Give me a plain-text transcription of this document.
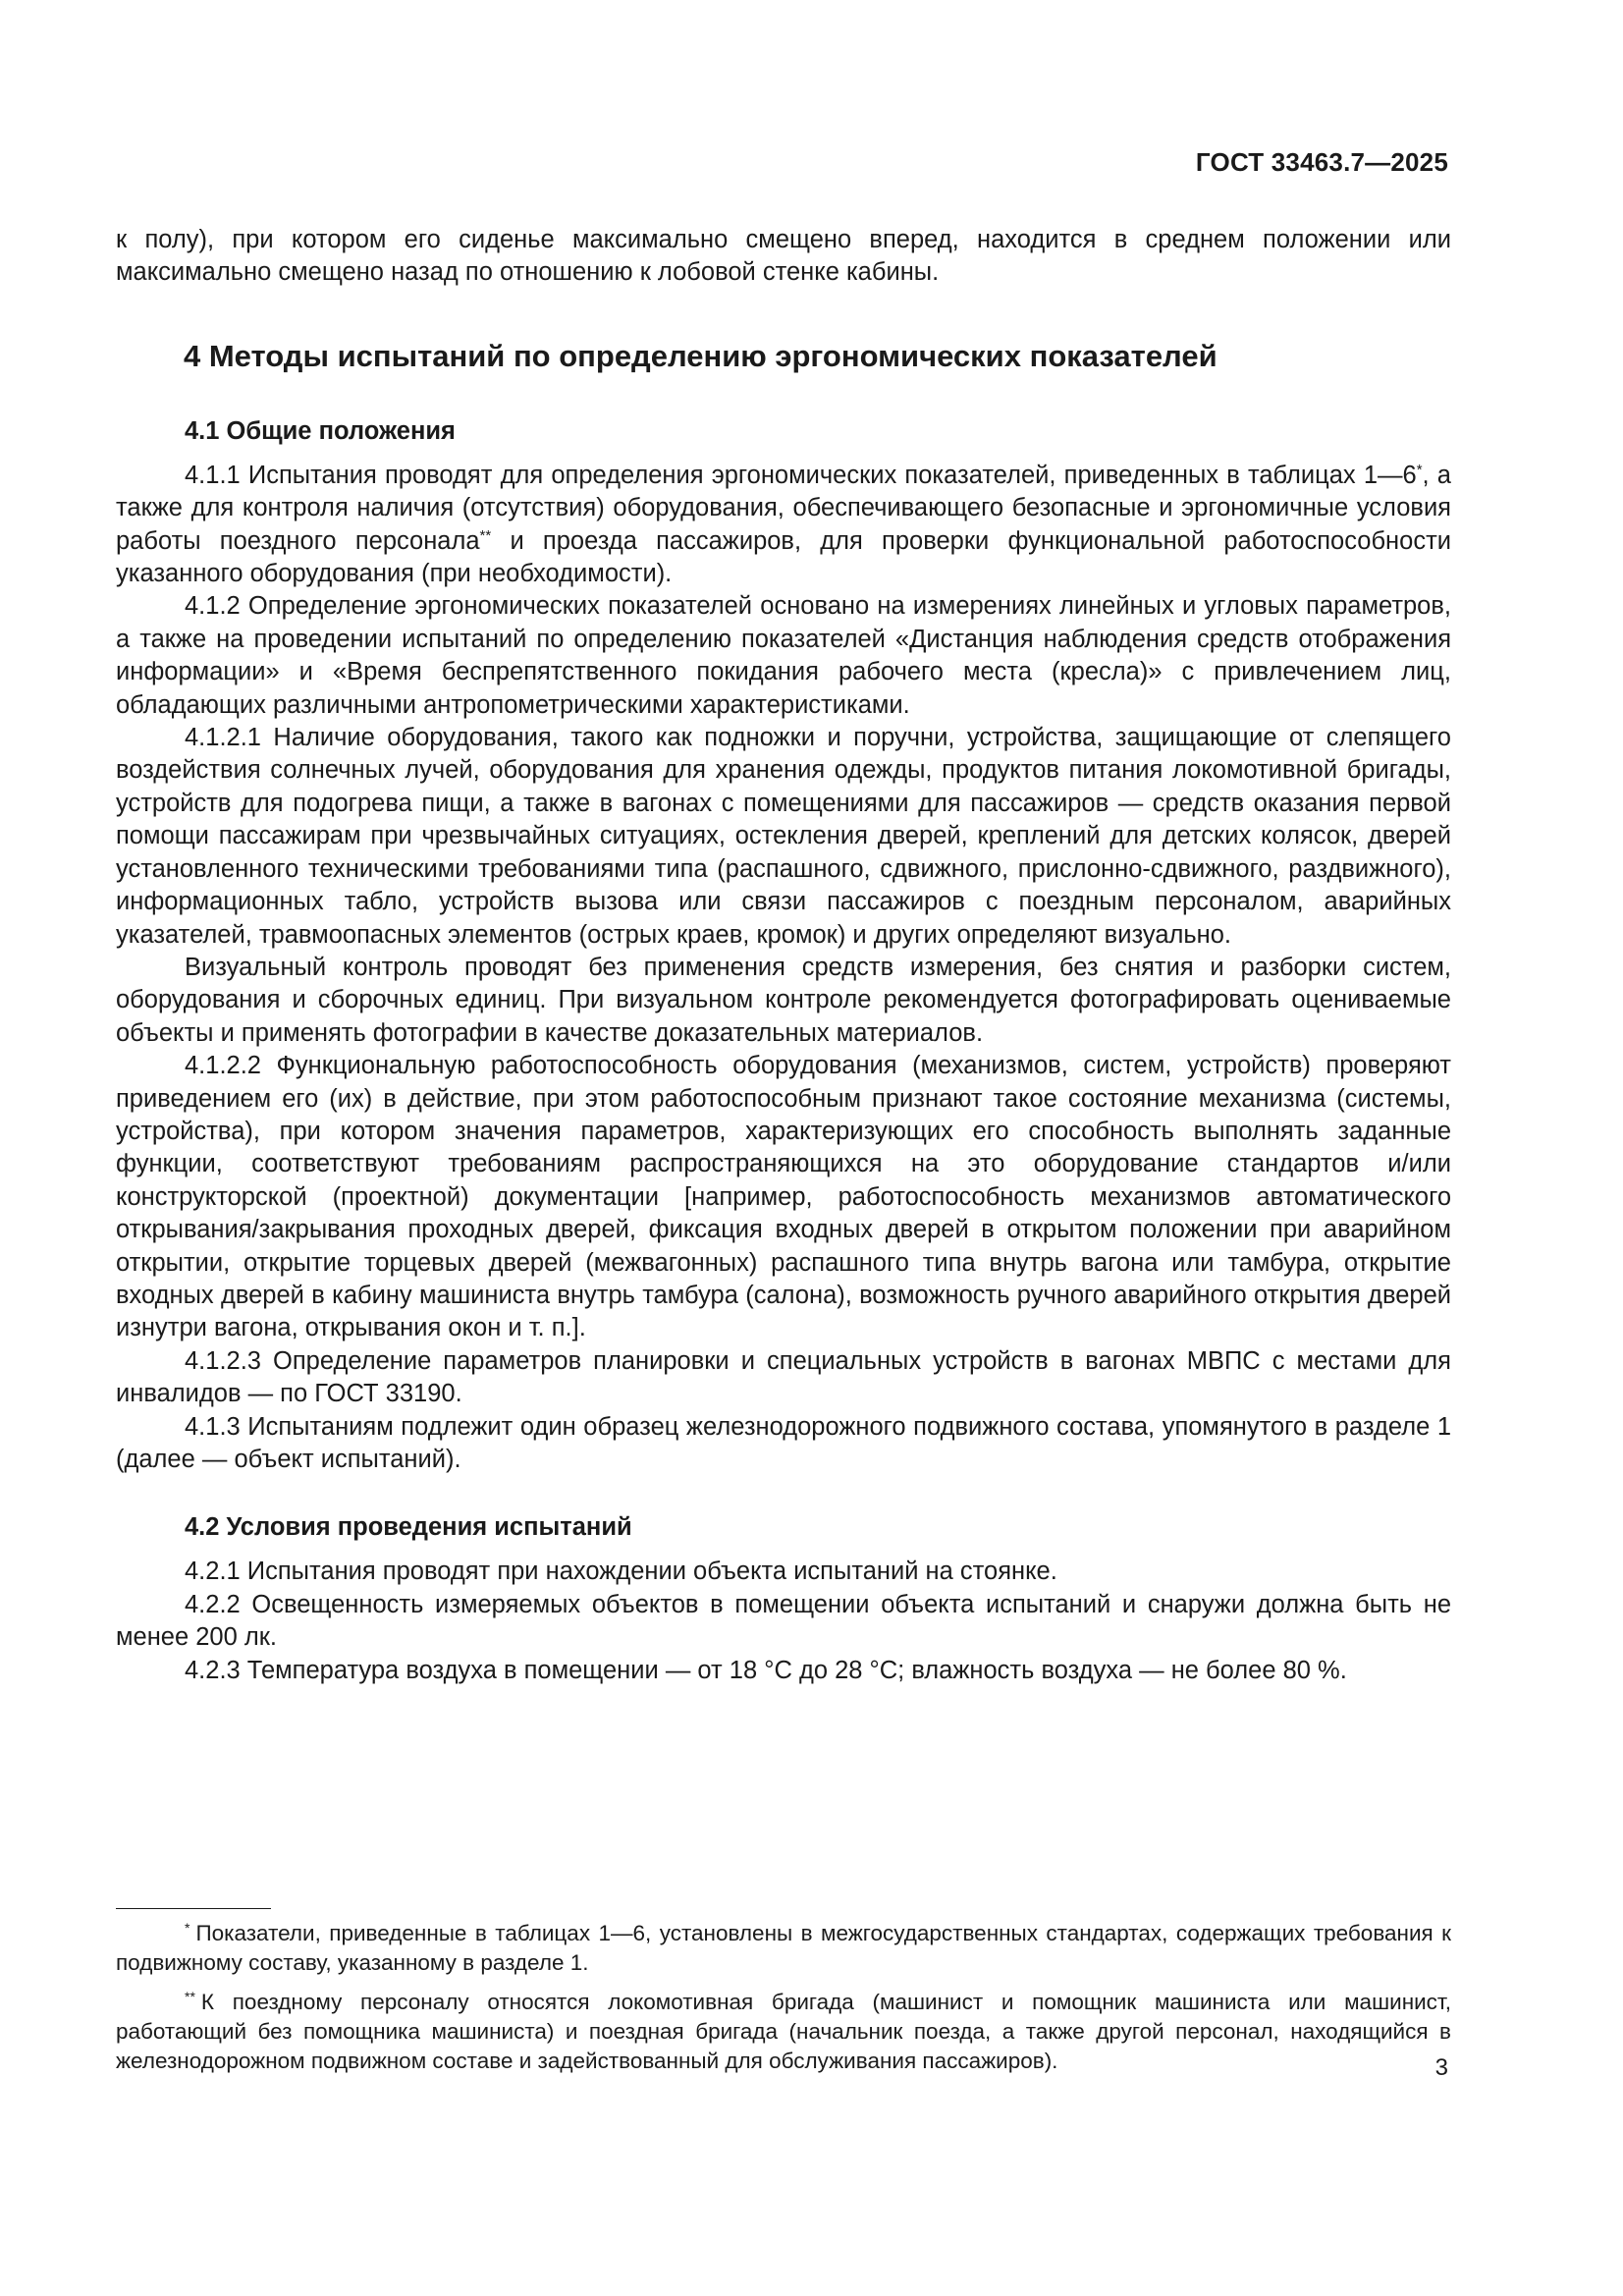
ГОСТ 33463.7—2025

к полу), при котором его сиденье максимально смещено вперед, находится в среднем положении или максимально смещено назад по отношению к лобовой стенке кабины.

4 Методы испытаний по определению эргономических показателей
4.1 Общие положения

4.1.1 Испытания проводят для определения эргономических показателей, приведенных в таблицах 1—6*, а также для контроля наличия (отсутствия) оборудования, обеспечивающего безопасные и эргономичные условия работы поездного персонала** и проезда пассажиров, для проверки функциональной работоспособности указанного оборудования (при необходимости).

4.1.2 Определение эргономических показателей основано на измерениях линейных и угловых параметров, а также на проведении испытаний по определению показателей «Дистанция наблюдения средств отображения информации» и «Время беспрепятственного покидания рабочего места (кресла)» с привлечением лиц, обладающих различными антропометрическими характеристиками.

4.1.2.1 Наличие оборудования, такого как подножки и поручни, устройства, защищающие от слепящего воздействия солнечных лучей, оборудования для хранения одежды, продуктов питания локомотивной бригады, устройств для подогрева пищи, а также в вагонах с помещениями для пассажиров — средств оказания первой помощи пассажирам при чрезвычайных ситуациях, остекления дверей, креплений для детских колясок, дверей установленного техническими требованиями типа (распашного, сдвижного, прислонно-сдвижного, раздвижного), информационных табло, устройств вызова или связи пассажиров с поездным персоналом, аварийных указателей, травмоопасных элементов (острых краев, кромок) и других определяют визуально.

Визуальный контроль проводят без применения средств измерения, без снятия и разборки систем, оборудования и сборочных единиц. При визуальном контроле рекомендуется фотографировать оцениваемые объекты и применять фотографии в качестве доказательных материалов.

4.1.2.2 Функциональную работоспособность оборудования (механизмов, систем, устройств) проверяют приведением его (их) в действие, при этом работоспособным признают такое состояние механизма (системы, устройства), при котором значения параметров, характеризующих его способность выполнять заданные функции, соответствуют требованиям распространяющихся на это оборудование стандартов и/или конструкторской (проектной) документации [например, работоспособность механизмов автоматического открывания/закрывания проходных дверей, фиксация входных дверей в открытом положении при аварийном открытии, открытие торцевых дверей (межвагонных) распашного типа внутрь вагона или тамбура, открытие входных дверей в кабину машиниста внутрь тамбура (салона), возможность ручного аварийного открытия дверей изнутри вагона, открывания окон и т. п.].

4.1.2.3 Определение параметров планировки и специальных устройств в вагонах МВПС с местами для инвалидов — по ГОСТ 33190.

4.1.3 Испытаниям подлежит один образец железнодорожного подвижного состава, упомянутого в разделе 1 (далее — объект испытаний).

4.2 Условия проведения испытаний

4.2.1 Испытания проводят при нахождении объекта испытаний на стоянке.

4.2.2 Освещенность измеряемых объектов в помещении объекта испытаний и снаружи должна быть не менее 200 лк.

4.2.3 Температура воздуха в помещении — от 18 °С до 28 °С; влажность воздуха — не более 80 %.

* Показатели, приведенные в таблицах 1—6, установлены в межгосударственных стандартах, содержащих требования к подвижному составу, указанному в разделе 1.

** К поездному персоналу относятся локомотивная бригада (машинист и помощник машиниста или машинист, работающий без помощника машиниста) и поездная бригада (начальник поезда, а также другой персонал, находящийся в железнодорожном подвижном составе и задействованный для обслуживания пассажиров).	3
